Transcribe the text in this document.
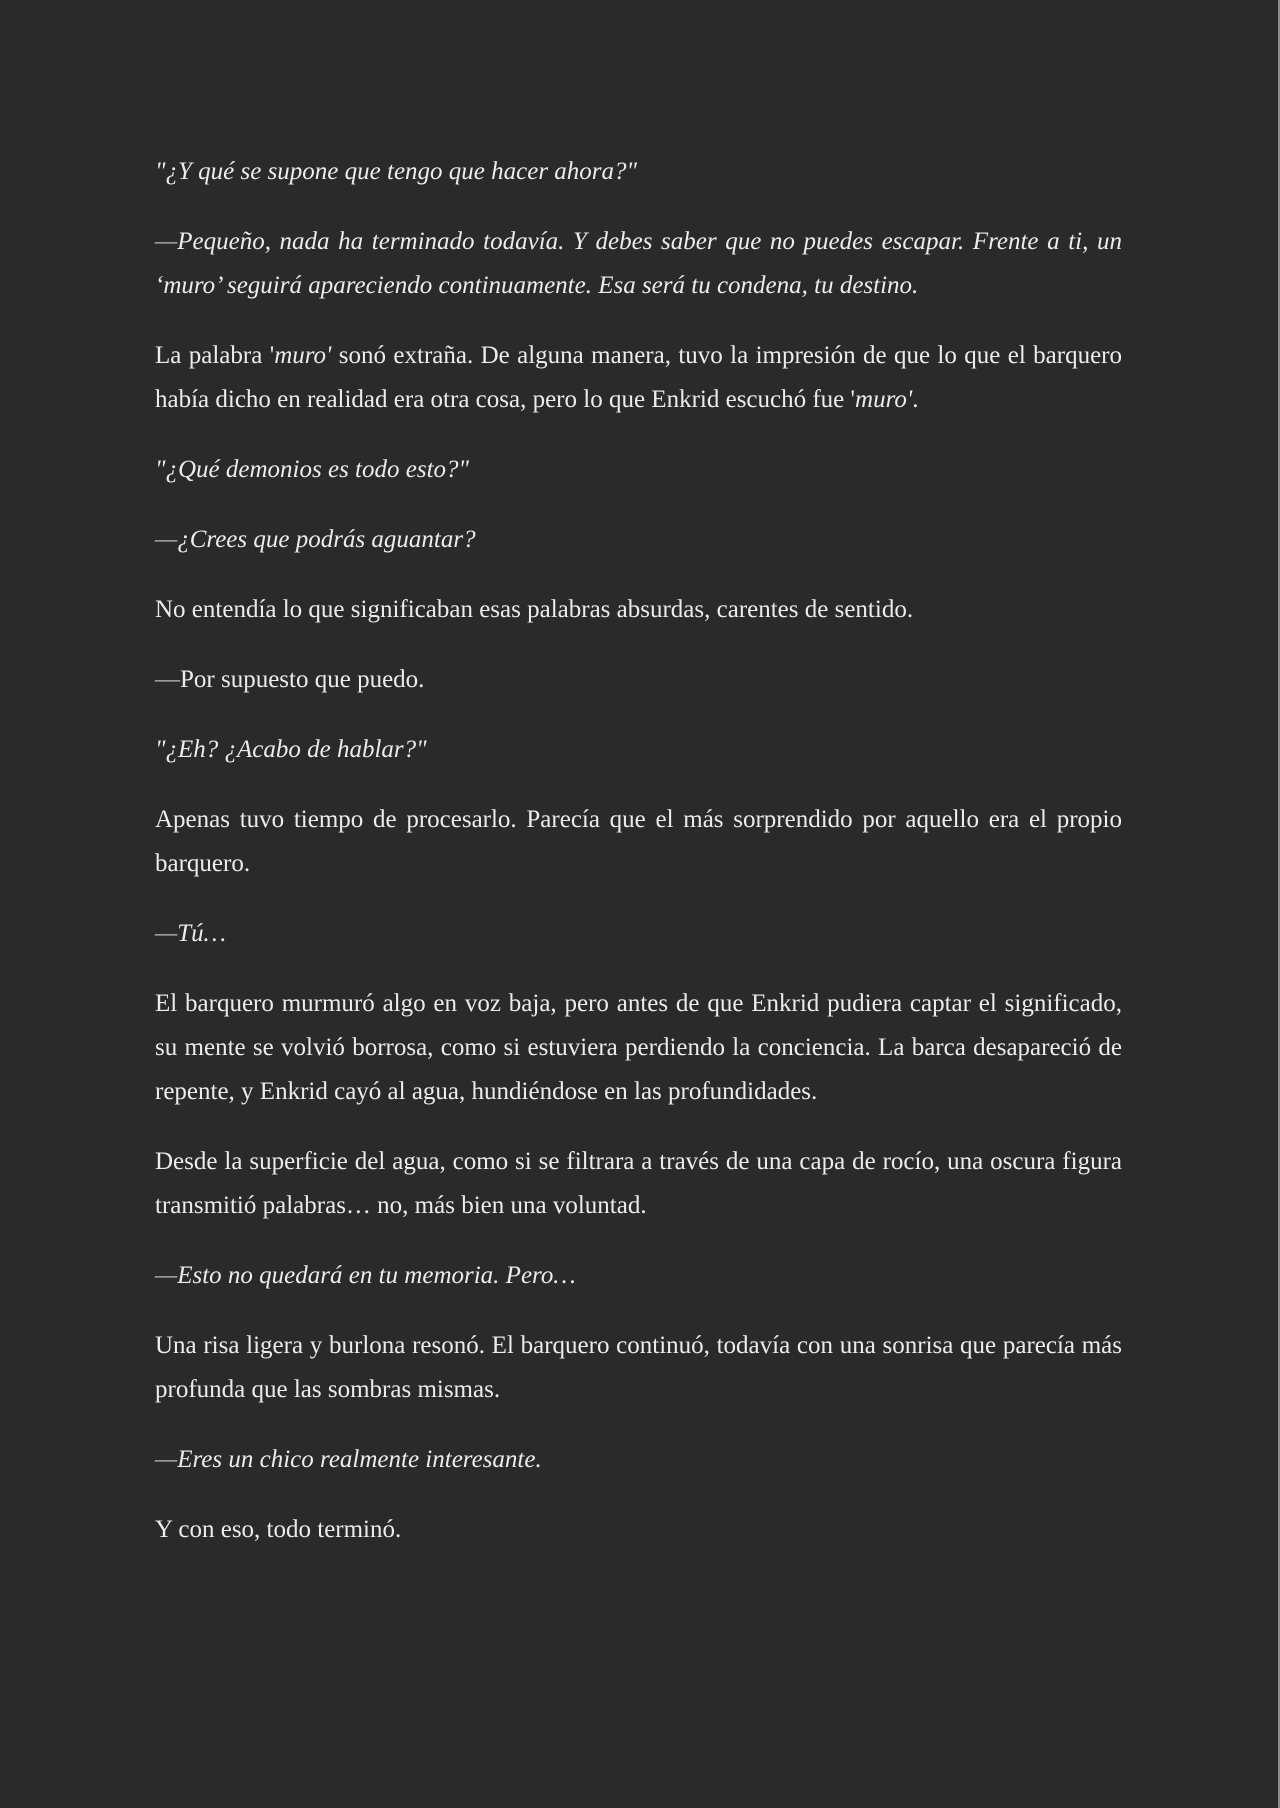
"¿Y qué se supone que tengo que hacer ahora?"

—Pequeño, nada ha terminado todavía. Y debes saber que no puedes escapar. Frente a ti, un ‘muro’ seguirá apareciendo continuamente. Esa será tu condena, tu destino.

La palabra 'muro' sonó extraña. De alguna manera, tuvo la impresión de que lo que el barquero había dicho en realidad era otra cosa, pero lo que Enkrid escuchó fue 'muro'.

"¿Qué demonios es todo esto?"

—¿Crees que podrás aguantar?

No entendía lo que significaban esas palabras absurdas, carentes de sentido.

—Por supuesto que puedo.

"¿Eh? ¿Acabo de hablar?"

Apenas tuvo tiempo de procesarlo. Parecía que el más sorprendido por aquello era el propio barquero.

—Tú…

El barquero murmuró algo en voz baja, pero antes de que Enkrid pudiera captar el significado, su mente se volvió borrosa, como si estuviera perdiendo la conciencia. La barca desapareció de repente, y Enkrid cayó al agua, hundiéndose en las profundidades.

Desde la superficie del agua, como si se filtrara a través de una capa de rocío, una oscura figura transmitió palabras… no, más bien una voluntad.

—Esto no quedará en tu memoria. Pero…

Una risa ligera y burlona resonó. El barquero continuó, todavía con una sonrisa que parecía más profunda que las sombras mismas.

—Eres un chico realmente interesante.

Y con eso, todo terminó.
